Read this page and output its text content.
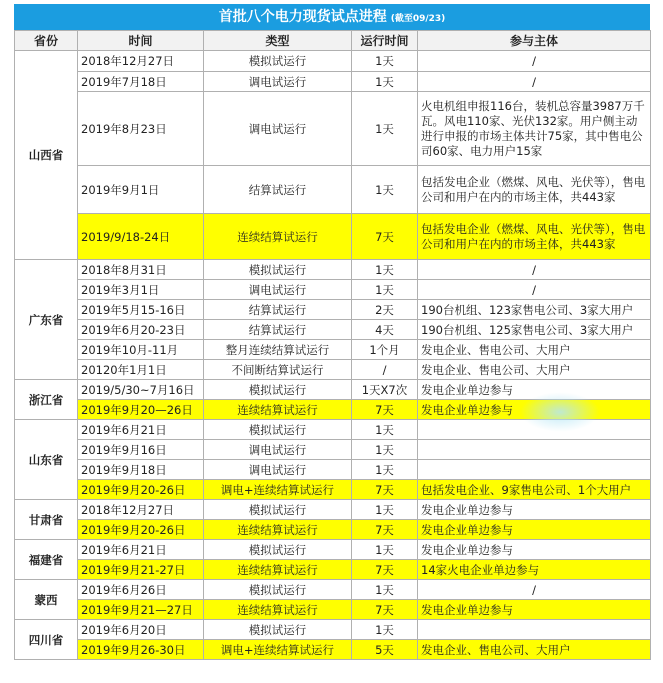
首批八个电力现货试点进程 (截至09/23)
省份	时间	类型	运行时间	参与主体
山西省	2018年12月27日	模拟试运行	1天	/
	2019年7月18日	调电试运行	1天	/
	2019年8月23日	调电试运行	1天	火电机组申报116台，装机总容量3987万千瓦。风电110家、光伏132家。用户侧主动进行申报的市场主体共计75家，其中售电公司60家、电力用户15家
	2019年9月1日	结算试运行	1天	包括发电企业（燃煤、风电、光伏等），售电公司和用户在内的市场主体，共443家
	2019/9/18-24日	连续结算试运行	7天	包括发电企业（燃煤、风电、光伏等），售电公司和用户在内的市场主体，共443家
广东省	2018年8月31日	模拟试运行	1天	/
	2019年3月1日	调电试运行	1天	/
	2019年5月15-16日	结算试运行	2天	190台机组、123家售电公司、3家大用户
	2019年6月20-23日	结算试运行	4天	190台机组、125家售电公司、3家大用户
	2019年10月-11月	整月连续结算试运行	1个月	发电企业、售电公司、大用户
	20120年1月1日	不间断结算试运行	/	发电企业、售电公司、大用户
浙江省	2019/5/30~7月16日	模拟试运行	1天X7次	发电企业单边参与
	2019年9月20—26日	连续结算试运行	7天	发电企业单边参与
山东省	2019年6月21日	模拟试运行	1天	
	2019年9月16日	调电试运行	1天	
	2019年9月18日	调电试运行	1天	
	2019年9月20-26日	调电+连续结算试运行	7天	包括发电企业、9家售电公司、1个大用户
甘肃省	2018年12月27日	模拟试运行	1天	发电企业单边参与
	2019年9月20-26日	连续结算试运行	7天	发电企业单边参与
福建省	2019年6月21日	模拟试运行	1天	发电企业单边参与
	2019年9月21-27日	连续结算试运行	7天	14家火电企业单边参与
蒙西	2019年6月26日	模拟试运行	1天	/
	2019年9月21—27日	连续结算试运行	7天	发电企业单边参与
四川省	2019年6月20日	模拟试运行	1天	
	2019年9月26-30日	调电+连续结算试运行	5天	发电企业、售电公司、大用户
